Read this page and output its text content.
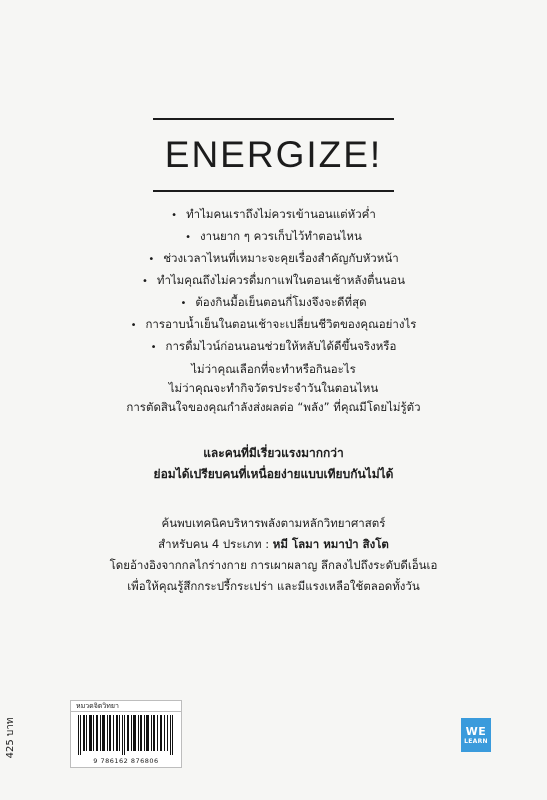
ENERGIZE!
• ทำไมคนเราถึงไม่ควรเข้านอนแต่หัวค่ำ
• งานยาก ๆ ควรเก็บไว้ทำตอนไหน
• ช่วงเวลาไหนที่เหมาะจะคุยเรื่องสำคัญกับหัวหน้า
• ทำไมคุณถึงไม่ควรดื่มกาแฟในตอนเช้าหลังตื่นนอน
• ต้องกินมื้อเย็นตอนกี่โมงจึงจะดีที่สุด
• การอาบน้ำเย็นในตอนเช้าจะเปลี่ยนชีวิตของคุณอย่างไร
• การดื่มไวน์ก่อนนอนช่วยให้หลับได้ดีขึ้นจริงหรือ
ไม่ว่าคุณเลือกที่จะทำหรือกินอะไร
ไม่ว่าคุณจะทำกิจวัตรประจำวันในตอนไหน
การตัดสินใจของคุณกำลังส่งผลต่อ “พลัง” ที่คุณมีโดยไม่รู้ตัว
และคนที่มีเรี่ยวแรงมากกว่า
ย่อมได้เปรียบคนที่เหนื่อยง่ายแบบเทียบกันไม่ได้
ค้นพบเทคนิคบริหารพลังตามหลักวิทยาศาสตร์
สำหรับคน 4 ประเภท : หมี โลมา หมาป่า สิงโต
โดยอ้างอิงจากกลไกร่างกาย การเผาผลาญ ลึกลงไปถึงระดับดีเอ็นเอ
เพื่อให้คุณรู้สึกกระปรี้กระเปร่า และมีแรงเหลือใช้ตลอดทั้งวัน
425 บาท
หมวดจิตวิทยา
9 786162 876806
WE
LEARN
